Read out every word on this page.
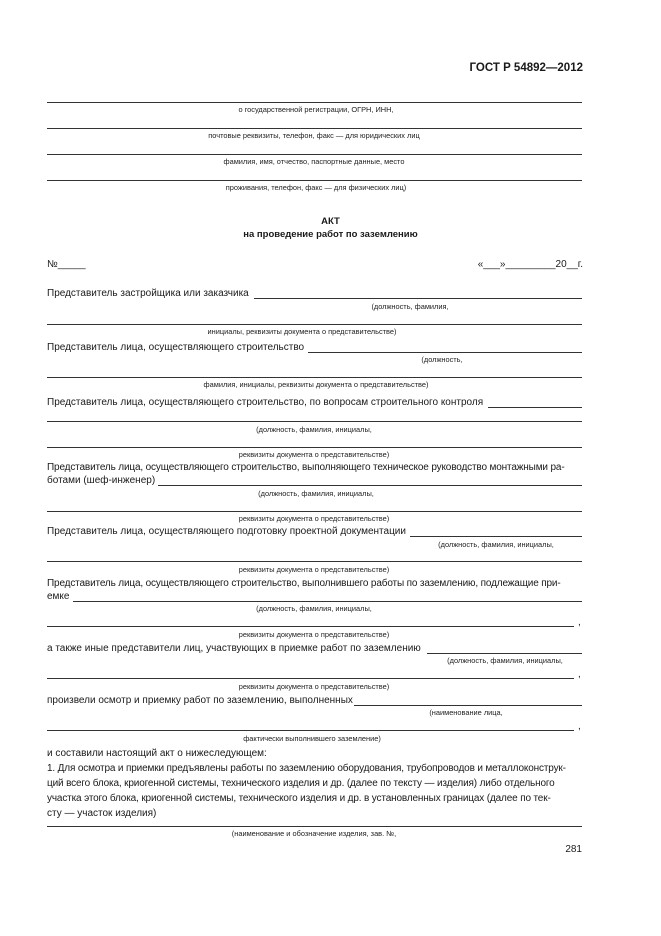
ГОСТ Р 54892—2012
о государственной регистрации, ОГРН, ИНН,
почтовые реквизиты, телефон, факс — для юридических лиц
фамилия, имя, отчество, паспортные данные, место
проживания, телефон, факс — для физических лиц)
АКТ
на проведение работ по заземлению
№_____	«___»_________20__г.
Представитель застройщика или заказчика
(должность, фамилия,
инициалы, реквизиты документа о представительстве)
Представитель лица, осуществляющего строительство
(должность,
фамилия, инициалы, реквизиты документа о представительстве)
Представитель лица, осуществляющего строительство, по вопросам строительного контроля
(должность, фамилия, инициалы,
реквизиты документа о представительстве)
Представитель лица, осуществляющего строительство, выполняющего техническое руководство монтажными ра-
ботами (шеф-инженер)
(должность, фамилия, инициалы,
реквизиты документа о представительстве)
Представитель лица, осуществляющего подготовку проектной документации
(должность, фамилия, инициалы,
реквизиты документа о представительстве)
Представитель лица, осуществляющего строительство, выполнившего работы по заземлению, подлежащие при-
емке
(должность, фамилия, инициалы,
,
реквизиты документа о представительстве)
а также иные представители лиц, участвующих в приемке работ по заземлению
(должность, фамилия, инициалы,
,
реквизиты документа о представительстве)
произвели осмотр и приемку работ по заземлению, выполненных
(наименование лица,
,
фактически выполнившего заземление)
и составили настоящий акт о нижеследующем:
1. Для осмотра и приемки предъявлены работы по заземлению оборудования, трубопроводов и металлоконструк-
ций всего блока, криогенной системы, технического изделия и др. (далее по тексту — изделия) либо отдельного
участка этого блока, криогенной системы, технического изделия и др. в установленных границах (далее по тек-
сту — участок изделия)
(наименование и обозначение изделия, зав. №,
281
